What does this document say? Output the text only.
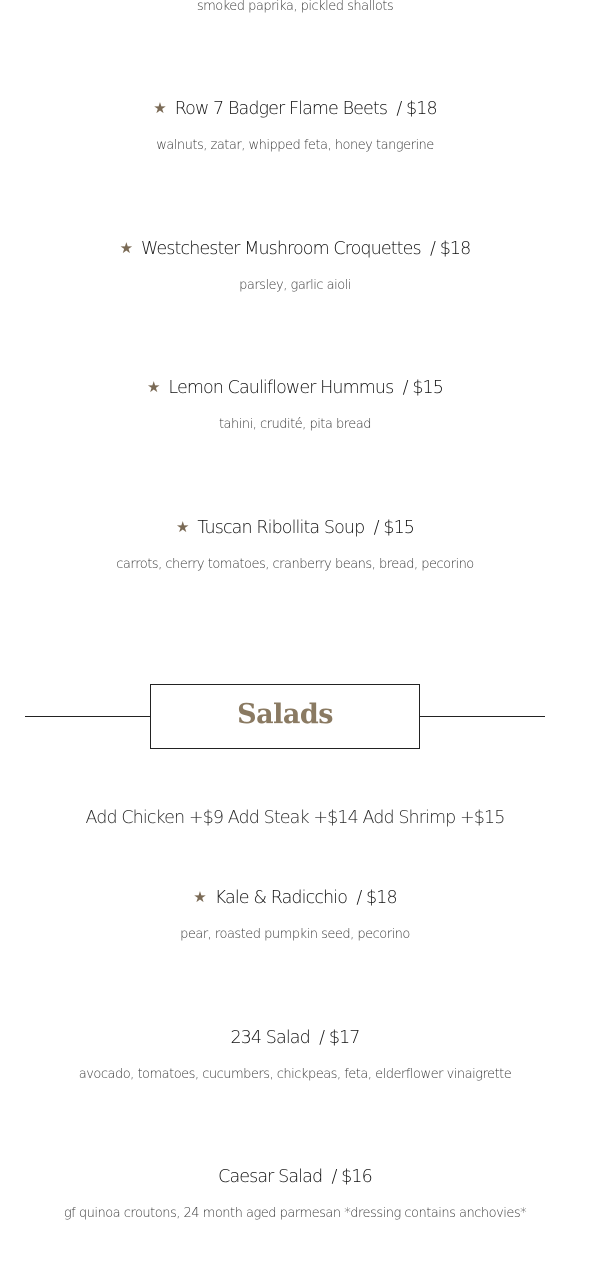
smoked paprika, pickled shallots
★ Row 7 Badger Flame Beets / $18
walnuts, zatar, whipped feta, honey tangerine
★ Westchester Mushroom Croquettes / $18
parsley, garlic aioli
★ Lemon Cauliflower Hummus / $15
tahini, crudité, pita bread
★ Tuscan Ribollita Soup / $15
carrots, cherry tomatoes, cranberry beans, bread, pecorino
Salads
Add Chicken +$9 Add Steak +$14 Add Shrimp +$15
★ Kale & Radicchio / $18
pear, roasted pumpkin seed, pecorino
234 Salad / $17
avocado, tomatoes, cucumbers, chickpeas, feta, elderflower vinaigrette
Caesar Salad / $16
gf quinoa croutons, 24 month aged parmesan *dressing contains anchovies*
